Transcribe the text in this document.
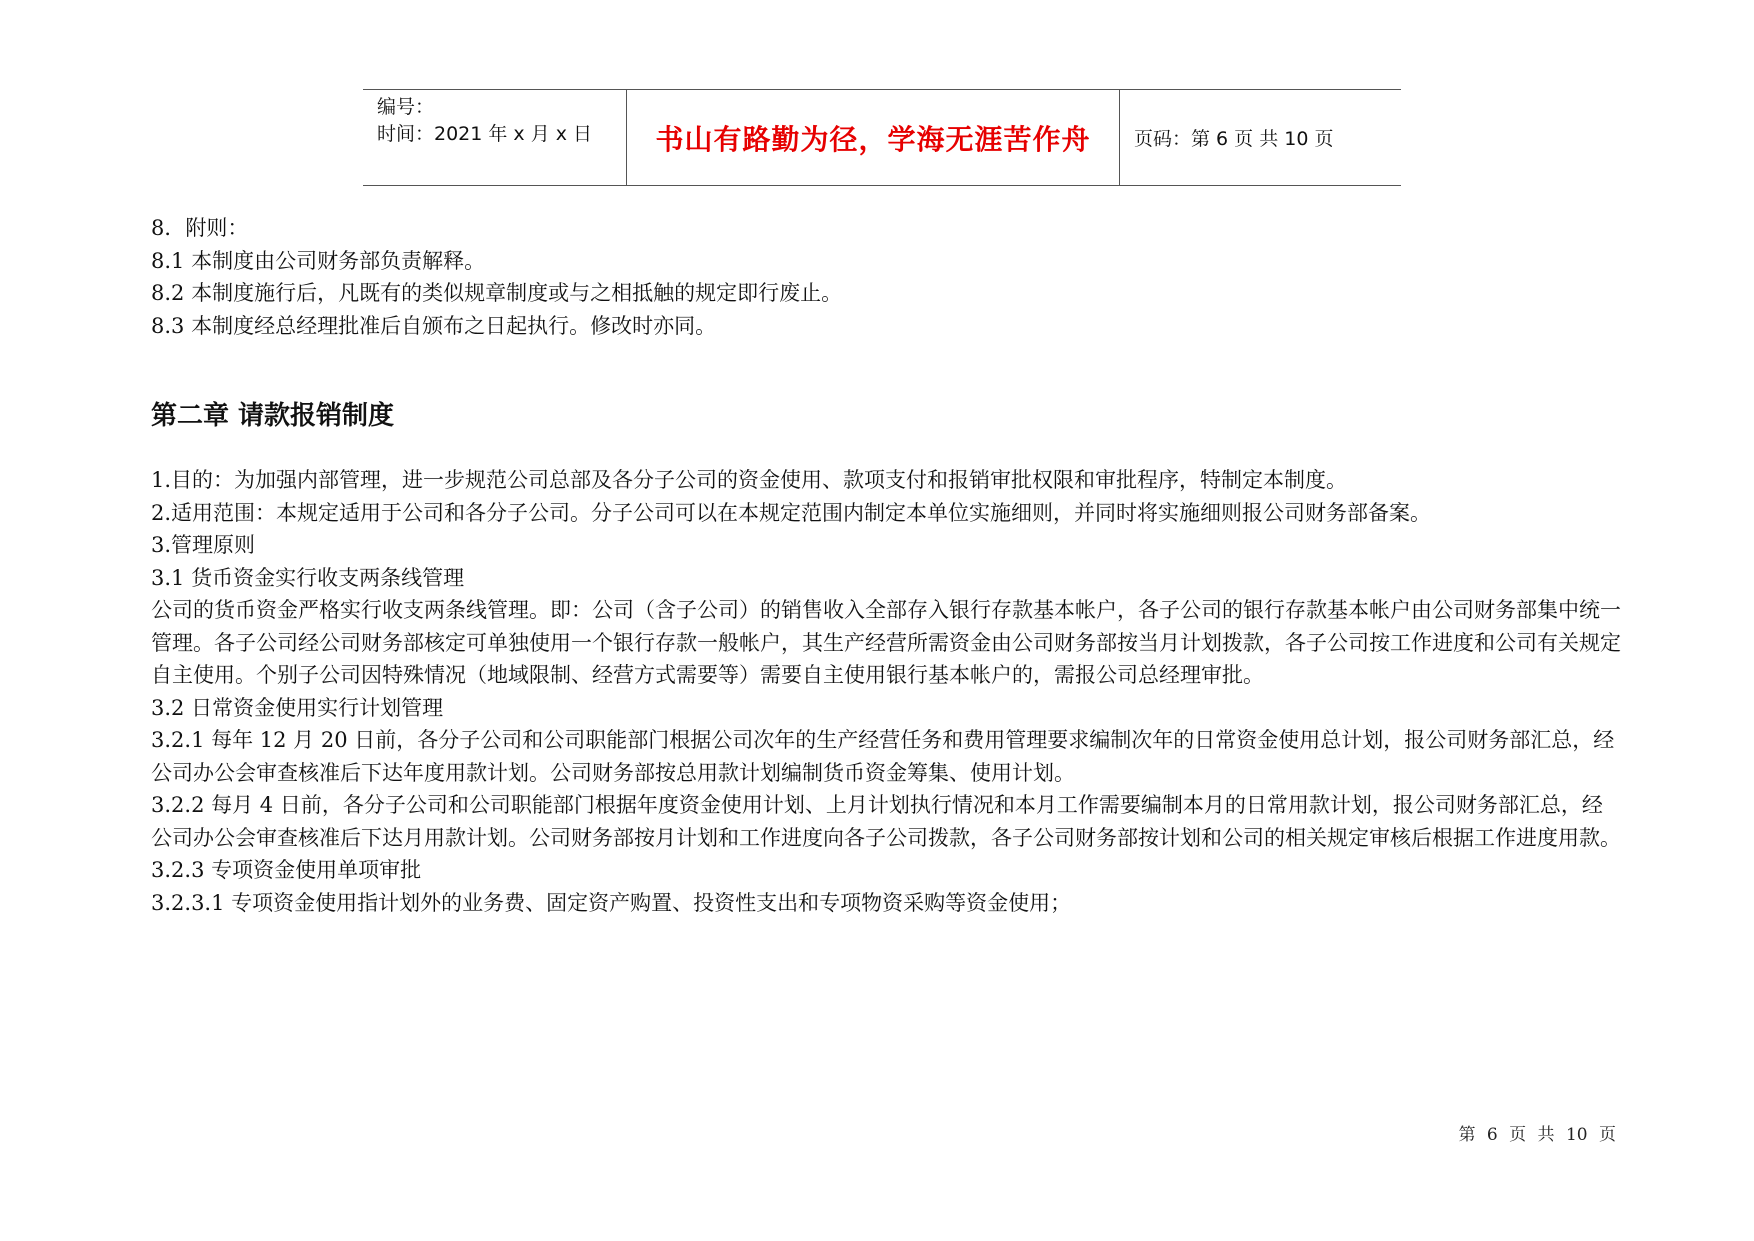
编号：
时间：2021 年 x 月 x 日	书山有路勤为径，学海无涯苦作舟	页码：第 6 页 共 10 页

8．附则：

8.1 本制度由公司财务部负责解释。

8.2 本制度施行后，凡既有的类似规章制度或与之相抵触的规定即行废止。

8.3 本制度经总经理批准后自颁布之日起执行。修改时亦同。

第二章 请款报销制度

1.目的：为加强内部管理，进一步规范公司总部及各分子公司的资金使用、款项支付和报销审批权限和审批程序，特制定本制度。

2.适用范围：本规定适用于公司和各分子公司。分子公司可以在本规定范围内制定本单位实施细则，并同时将实施细则报公司财务部备案。

3.管理原则

3.1 货币资金实行收支两条线管理

公司的货币资金严格实行收支两条线管理。即：公司（含子公司）的销售收入全部存入银行存款基本帐户，各子公司的银行存款基本帐户由公司财务部集中统一管理。各子公司经公司财务部核定可单独使用一个银行存款一般帐户，其生产经营所需资金由公司财务部按当月计划拨款，各子公司按工作进度和公司有关规定自主使用。个别子公司因特殊情况（地域限制、经营方式需要等）需要自主使用银行基本帐户的，需报公司总经理审批。

3.2 日常资金使用实行计划管理

3.2.1 每年 12 月 20 日前，各分子公司和公司职能部门根据公司次年的生产经营任务和费用管理要求编制次年的日常资金使用总计划，报公司财务部汇总，经公司办公会审查核准后下达年度用款计划。公司财务部按总用款计划编制货币资金筹集、使用计划。

3.2.2 每月 4 日前，各分子公司和公司职能部门根据年度资金使用计划、上月计划执行情况和本月工作需要编制本月的日常用款计划，报公司财务部汇总，经公司办公会审查核准后下达月用款计划。公司财务部按月计划和工作进度向各子公司拨款，各子公司财务部按计划和公司的相关规定审核后根据工作进度用款。

3.2.3 专项资金使用单项审批

3.2.3.1 专项资金使用指计划外的业务费、固定资产购置、投资性支出和专项物资采购等资金使用；

第 6 页 共 10 页
